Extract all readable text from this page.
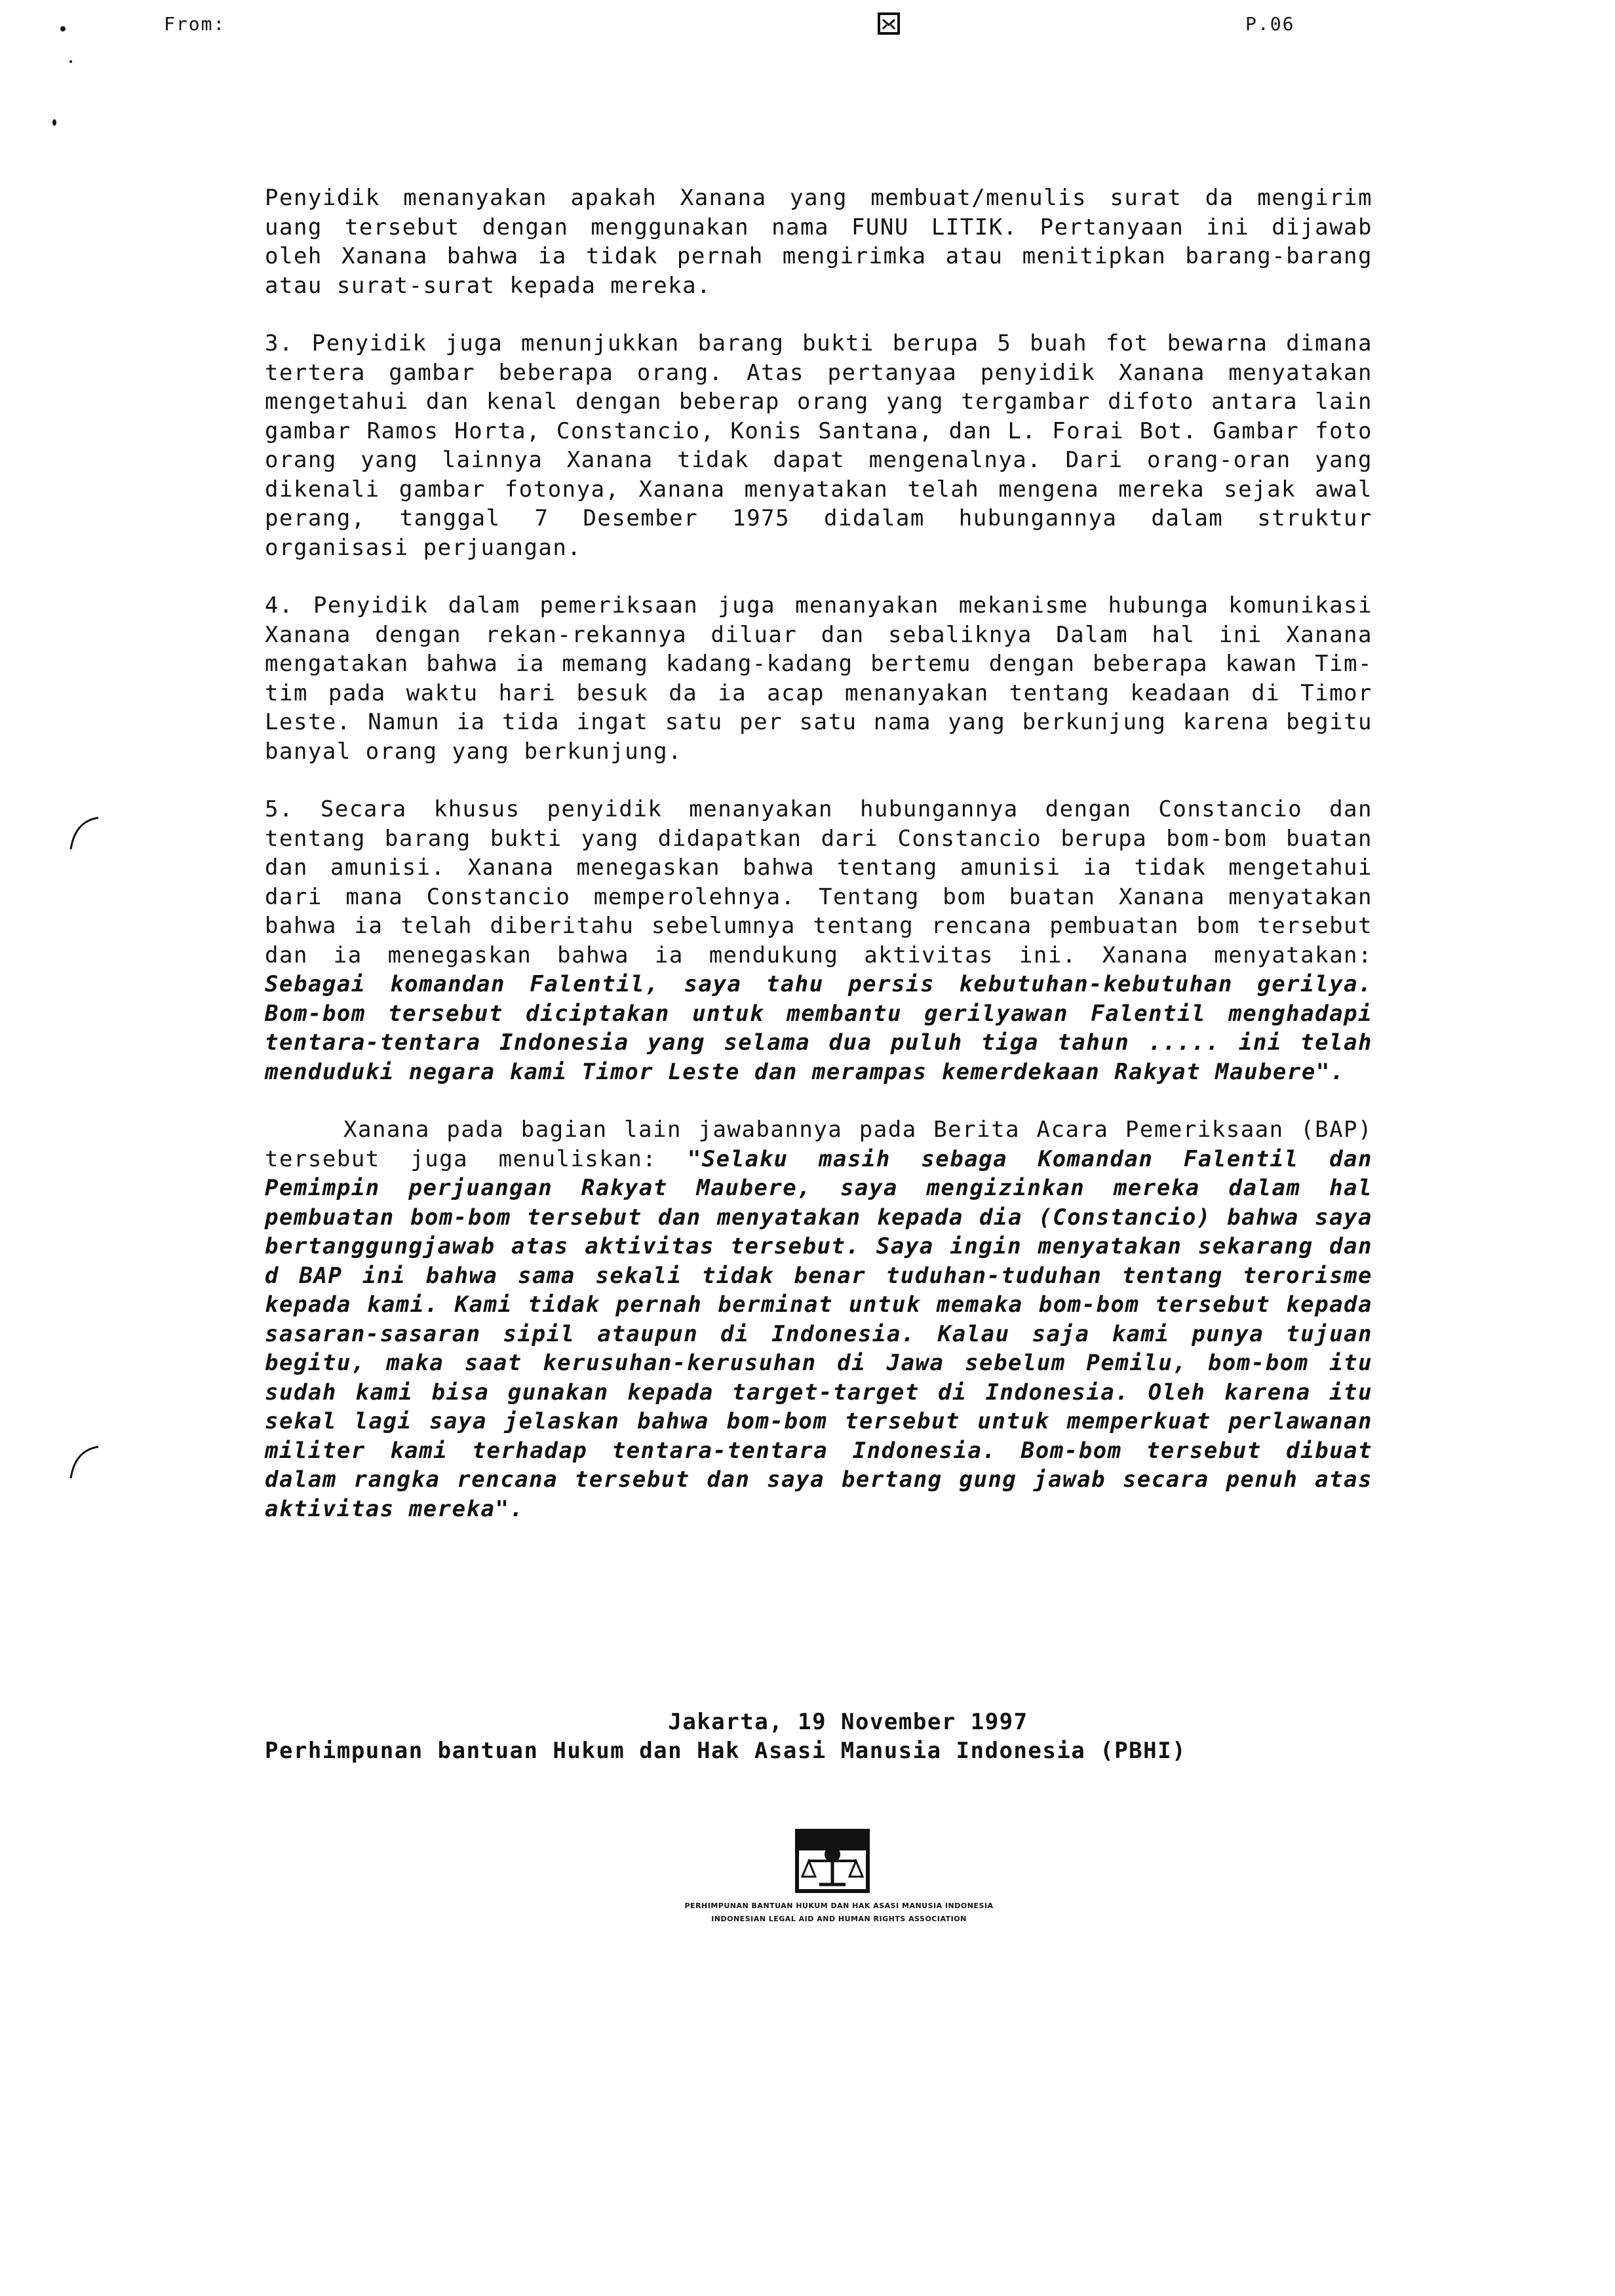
From:	P.06

Penyidik menanyakan apakah Xanana yang membuat/menulis surat da mengirim uang tersebut dengan menggunakan nama FUNU LITIK. Pertanyaan ini dijawab oleh Xanana bahwa ia tidak pernah mengirimka atau menitipkan barang-barang atau surat-surat kepada mereka.

3. Penyidik juga menunjukkan barang bukti berupa 5 buah fot bewarna dimana tertera gambar beberapa orang. Atas pertanyaa penyidik Xanana menyatakan mengetahui dan kenal dengan beberap orang yang tergambar difoto antara lain gambar Ramos Horta, Constancio, Konis Santana, dan L. Forai Bot. Gambar foto orang yang lainnya Xanana tidak dapat mengenalnya. Dari orang-oran yang dikenali gambar fotonya, Xanana menyatakan telah mengena mereka sejak awal perang, tanggal 7 Desember 1975 didalam hubungannya dalam struktur organisasi perjuangan.

4. Penyidik dalam pemeriksaan juga menanyakan mekanisme hubunga komunikasi Xanana dengan rekan-rekannya diluar dan sebaliknya Dalam hal ini Xanana mengatakan bahwa ia memang kadang-kadang bertemu dengan beberapa kawan Tim-tim pada waktu hari besuk da ia acap menanyakan tentang keadaan di Timor Leste. Namun ia tida ingat satu per satu nama yang berkunjung karena begitu banyal orang yang berkunjung.

5. Secara khusus penyidik menanyakan hubungannya dengan Constancio dan tentang barang bukti yang didapatkan dari Constancio berupa bom-bom buatan dan amunisi. Xanana menegaskan bahwa tentang amunisi ia tidak mengetahui dari mana Constancio memperolehnya. Tentang bom buatan Xanana menyatakan bahwa ia telah diberitahu sebelumnya tentang rencana pembuatan bom tersebut dan ia menegaskan bahwa ia mendukung aktivitas ini. Xanana menyatakan: Sebagai komandan Falentil, saya tahu persis kebutuhan-kebutuhan gerilya. Bom-bom tersebut diciptakan untuk membantu gerilyawan Falentil menghadapi tentara-tentara Indonesia yang selama dua puluh tiga tahun ..... ini telah menduduki negara kami Timor Leste dan merampas kemerdekaan Rakyat Maubere".

Xanana pada bagian lain jawabannya pada Berita Acara Pemeriksaan (BAP) tersebut juga menuliskan: "Selaku masih sebaga Komandan Falentil dan Pemimpin perjuangan Rakyat Maubere, saya mengizinkan mereka dalam hal pembuatan bom-bom tersebut dan menyatakan kepada dia (Constancio) bahwa saya bertanggungjawab atas aktivitas tersebut. Saya ingin menyatakan sekarang dan d BAP ini bahwa sama sekali tidak benar tuduhan-tuduhan tentang terorisme kepada kami. Kami tidak pernah berminat untuk memaka bom-bom tersebut kepada sasaran-sasaran sipil ataupun di Indonesia. Kalau saja kami punya tujuan begitu, maka saat kerusuhan-kerusuhan di Jawa sebelum Pemilu, bom-bom itu sudah kami bisa gunakan kepada target-target di Indonesia. Oleh karena itu sekal lagi saya jelaskan bahwa bom-bom tersebut untuk memperkuat perlawanan militer kami terhadap tentara-tentara Indonesia. Bom-bom tersebut dibuat dalam rangka rencana tersebut dan saya bertang gung jawab secara penuh atas aktivitas mereka".

Jakarta, 19 November 1997
Perhimpunan bantuan Hukum dan Hak Asasi Manusia Indonesia (PBHI)
PERHIMPUNAN BANTUAN HUKUM DAN HAK ASASI MANUSIA INDONESIA
INDONESIAN LEGAL AID AND HUMAN RIGHTS ASSOCIATION
